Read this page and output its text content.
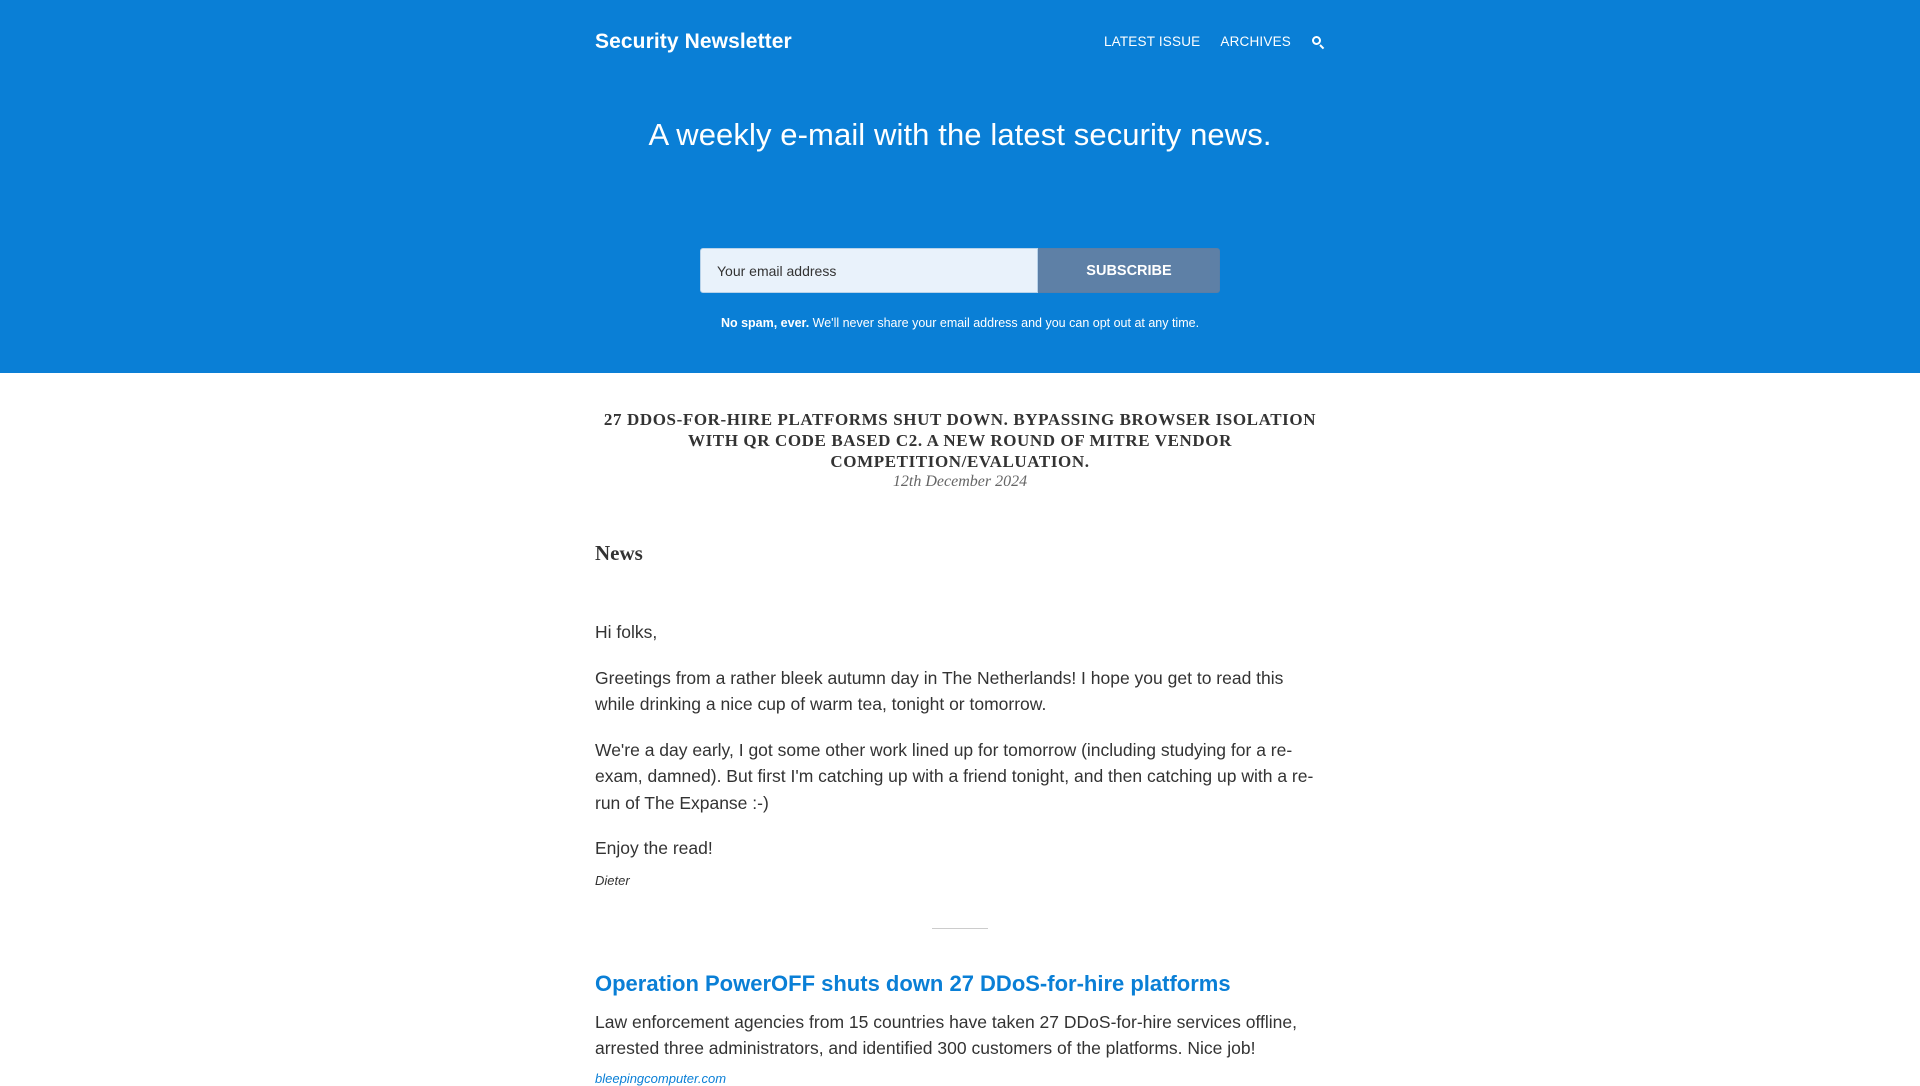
Security Newsletter	LATEST ISSUE ARCHIVES
A weekly e-mail with the latest security news.
Your email address
SUBSCRIBE
No spam, ever. We'll never share your email address and you can opt out at any time.
27 DDOS-FOR-HIRE PLATFORMS SHUT DOWN. BYPASSING BROWSER ISOLATION WITH QR CODE BASED C2. A NEW ROUND OF MITRE VENDOR COMPETITION/EVALUATION.
12th December 2024
News

Hi folks,

Greetings from a rather bleek autumn day in The Netherlands! I hope you get to read this while drinking a nice cup of warm tea, tonight or tomorrow.

We're a day early, I got some other work lined up for tomorrow (including studying for a re-exam, damned). But first I'm catching up with a friend tonight, and then catching up with a re-run of The Expanse :-)

Enjoy the read!

Dieter
Operation PowerOFF shuts down 27 DDoS-for-hire platforms

Law enforcement agencies from 15 countries have taken 27 DDoS-for-hire services offline, arrested three administrators, and identified 300 customers of the platforms. Nice job!

bleepingcomputer.com
